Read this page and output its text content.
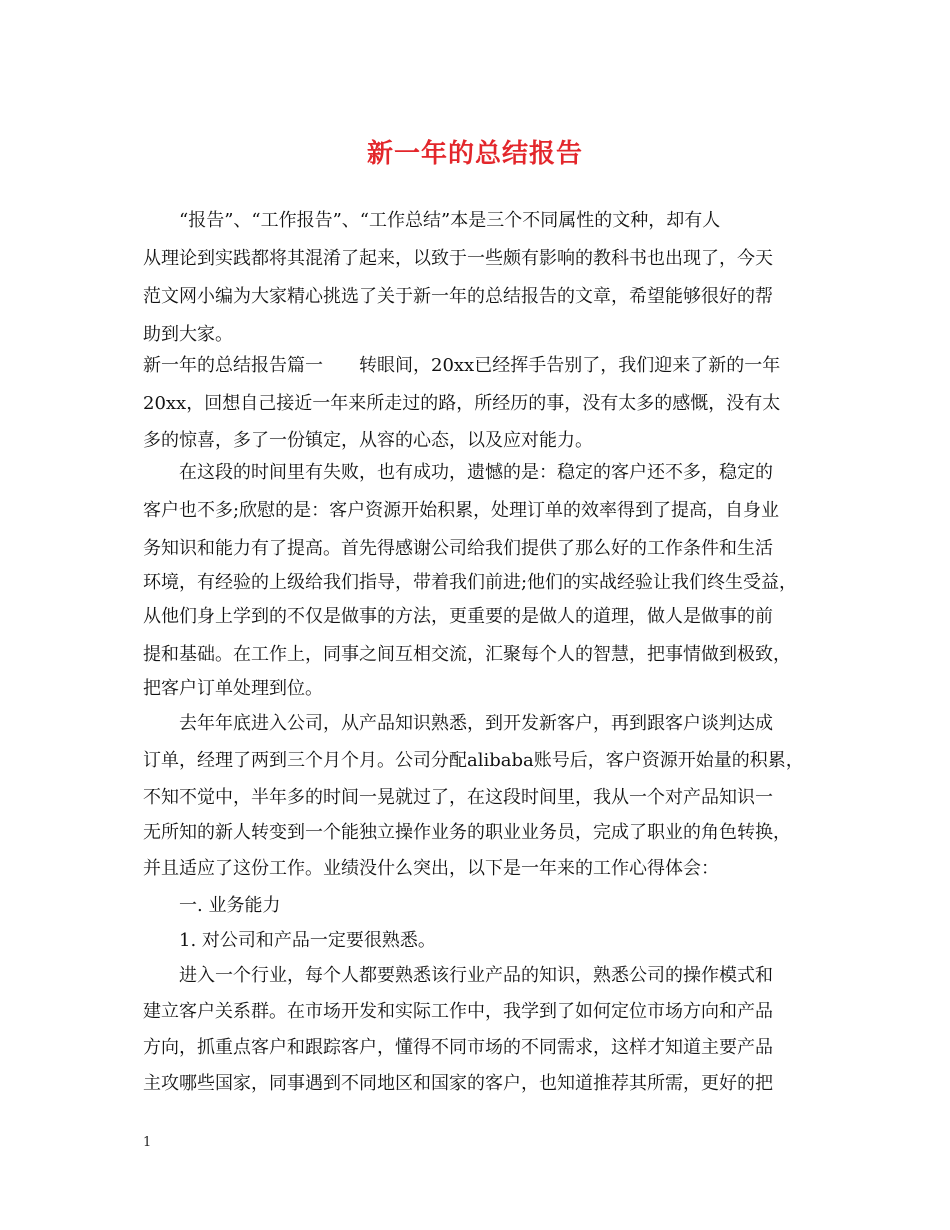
新一年的总结报告
　　“报告”、“工作报告”、“工作总结”本是三个不同属性的文种，却有人
从理论到实践都将其混淆了起来，以致于一些颇有影响的教科书也出现了，今天
范文网小编为大家精心挑选了关于新一年的总结报告的文章，希望能够很好的帮
助到大家。
新一年的总结报告篇一　　转眼间，20xx已经挥手告别了，我们迎来了新的一年
20xx，回想自己接近一年来所走过的路，所经历的事，没有太多的感慨，没有太
多的惊喜，多了一份镇定，从容的心态，以及应对能力。
　　在这段的时间里有失败，也有成功，遗憾的是：稳定的客户还不多，稳定的
客户也不多;欣慰的是：客户资源开始积累，处理订单的效率得到了提高，自身业
务知识和能力有了提高。首先得感谢公司给我们提供了那么好的工作条件和生活
环境，有经验的上级给我们指导，带着我们前进;他们的实战经验让我们终生受益，
从他们身上学到的不仅是做事的方法，更重要的是做人的道理，做人是做事的前
提和基础。在工作上，同事之间互相交流，汇聚每个人的智慧，把事情做到极致，
把客户订单处理到位。
　　去年年底进入公司，从产品知识熟悉，到开发新客户，再到跟客户谈判达成
订单，经理了两到三个月个月。公司分配alibaba账号后，客户资源开始量的积累，
不知不觉中，半年多的时间一晃就过了，在这段时间里，我从一个对产品知识一
无所知的新人转变到一个能独立操作业务的职业业务员，完成了职业的角色转换，
并且适应了这份工作。业绩没什么突出，以下是一年来的工作心得体会：
　　一. 业务能力
　　1. 对公司和产品一定要很熟悉。
　　进入一个行业，每个人都要熟悉该行业产品的知识，熟悉公司的操作模式和
建立客户关系群。在市场开发和实际工作中，我学到了如何定位市场方向和产品
方向，抓重点客户和跟踪客户，懂得不同市场的不同需求，这样才知道主要产品
主攻哪些国家，同事遇到不同地区和国家的客户，也知道推荐其所需，更好的把
1
